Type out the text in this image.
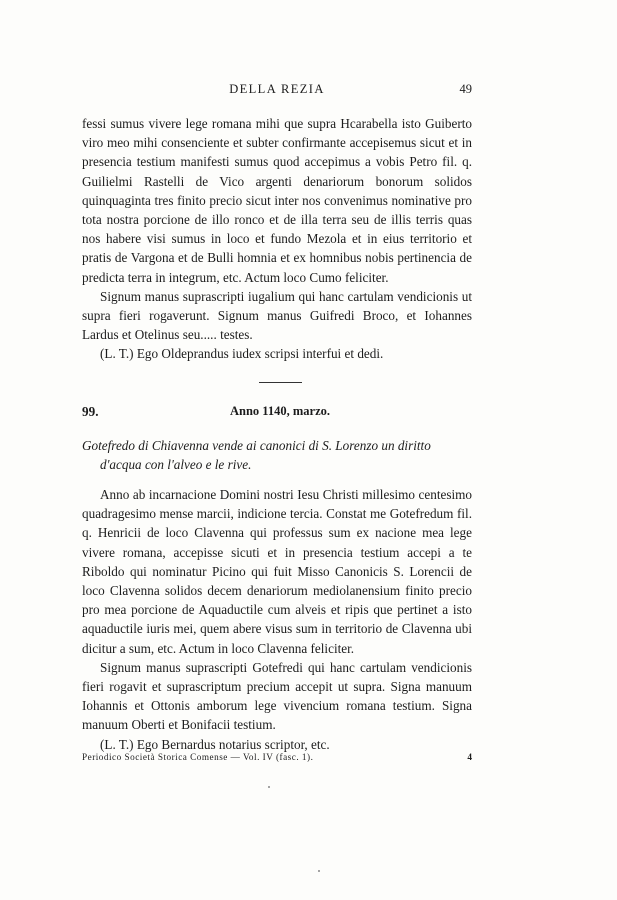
DELLA REZIA	49

fessi sumus vivere lege romana mihi que supra Hcarabella isto Guiberto viro meo mihi consenciente et subter confirmante accepisemus sicut et in presencia testium manifesti sumus quod accepimus a vobis Petro fil. q. Guilielmi Rastelli de Vico argenti denariorum bonorum solidos quinquaginta tres finito precio sicut inter nos convenimus nominative pro tota nostra porcione de illo ronco et de illa terra seu de illis terris quas nos habere visi sumus in loco et fundo Mezola et in eius territorio et pratis de Vargona et de Bulli homnia et ex homnibus nobis pertinencia de predicta terra in integrum, etc. Actum loco Cumo feliciter.

Signum manus suprascripti iugalium qui hanc cartulam vendicionis ut supra fieri rogaverunt. Signum manus Guifredi Broco, et Iohannes Lardus et Otelinus seu..... testes.

(L. T.) Ego Oldeprandus iudex scripsi interfui et dedi.

99.	Anno 1140, marzo.
Gotefredo di Chiavenna vende ai canonici di S. Lorenzo un diritto
d'acqua con l'alveo e le rive.

Anno ab incarnacione Domini nostri Iesu Christi millesimo centesimo quadragesimo mense marcii, indicione tercia. Constat me Gotefredum fil. q. Henricii de loco Clavenna qui professus sum ex nacione mea lege vivere romana, accepisse sicuti et in presencia testium accepi a te Riboldo qui nominatur Picino qui fuit Misso Canonicis S. Lorencii de loco Clavenna solidos decem denariorum mediolanensium finito precio pro mea porcione de Aquaductile cum alveis et ripis que pertinet a isto aquaductile iuris mei, quem abere visus sum in territorio de Clavenna ubi dicitur a sum, etc. Actum in loco Clavenna feliciter.

Signum manus suprascripti Gotefredi qui hanc cartulam vendicionis fieri rogavit et suprascriptum precium accepit ut supra. Signa manuum Iohannis et Ottonis amborum lege vivencium romana testium. Signa manuum Oberti et Bonifacii testium.

(L. T.) Ego Bernardus notarius scriptor, etc.

Periodico Società Storica Comense — Vol. IV (fasc. 1).	4
